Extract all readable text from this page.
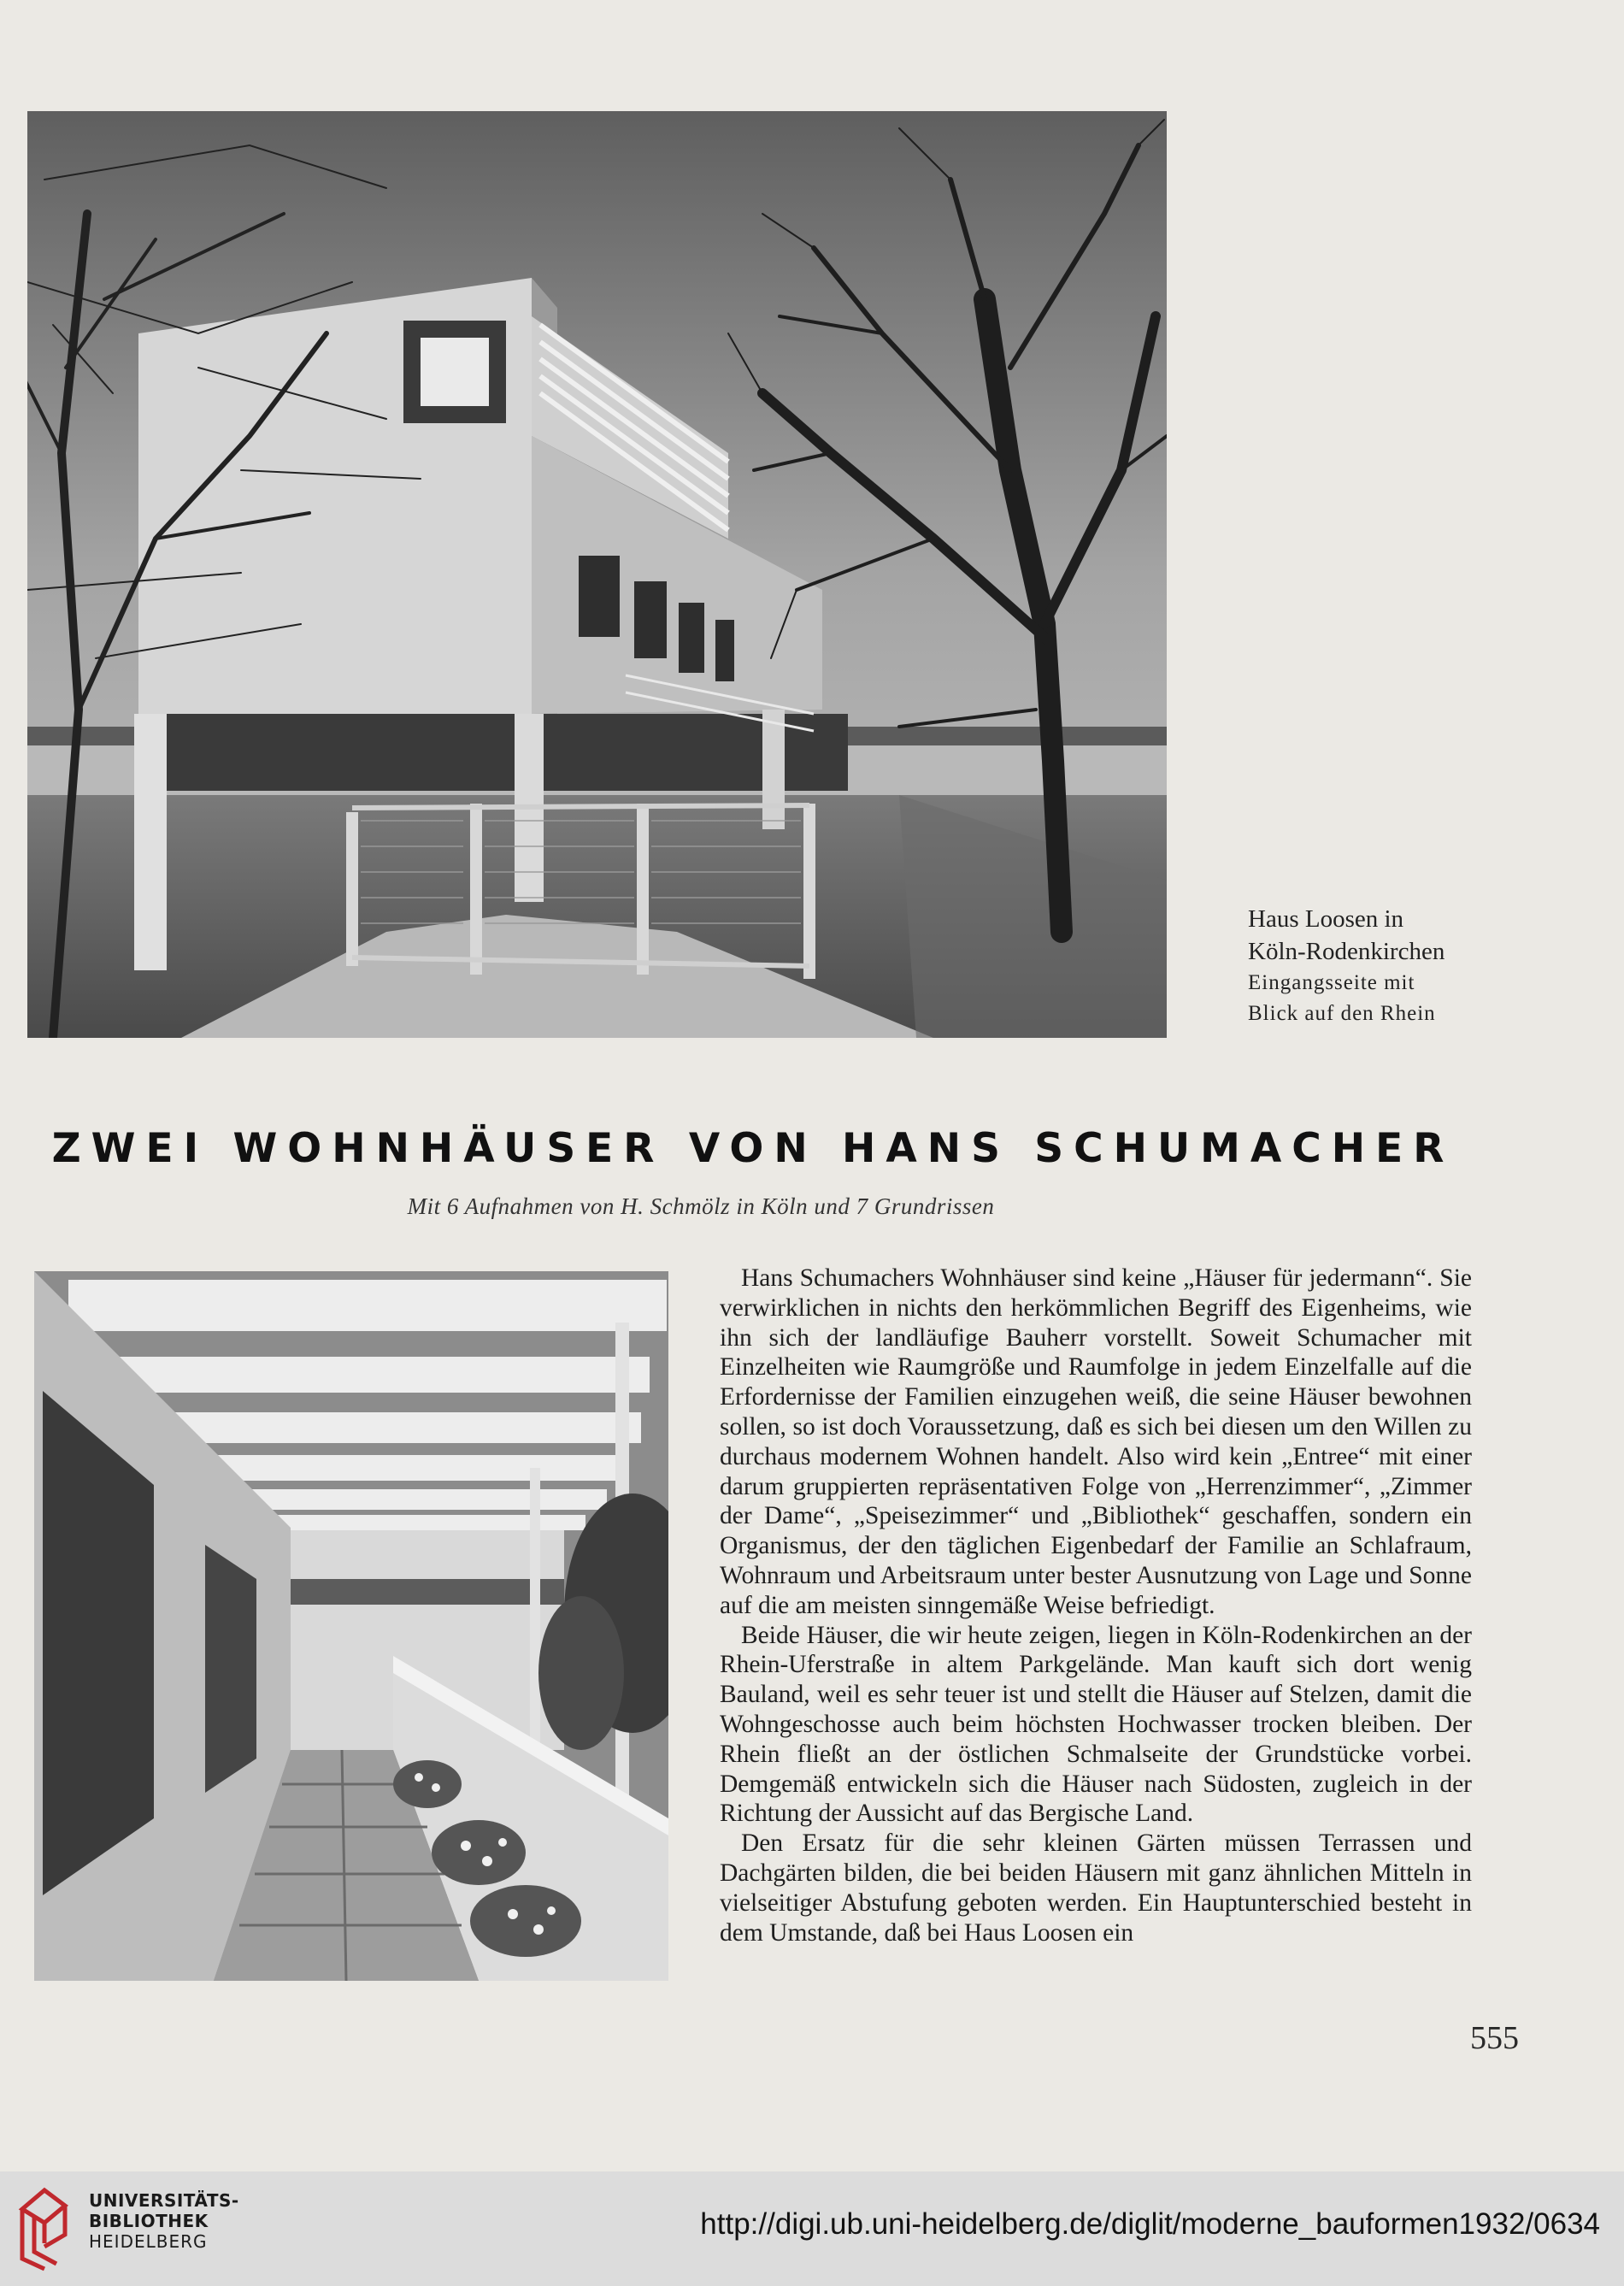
Haus Loosen in
Köln-Rodenkirchen
Eingangsseite mit
Blick auf den Rhein
ZWEI WOHNHÄUSER VON HANS SCHUMACHER
Mit 6 Aufnahmen von H. Schmölz in Köln und 7 Grundrissen

Hans Schumachers Wohnhäuser sind keine „Häuser für jedermann“. Sie verwirklichen in nichts den herkömmlichen Begriff des Eigenheims, wie ihn sich der landläufige Bauherr vorstellt. Soweit Schumacher mit Einzelheiten wie Raumgröße und Raumfolge in jedem Einzelfalle auf die Erfordernisse der Familien einzugehen weiß, die seine Häuser bewohnen sollen, so ist doch Voraussetzung, daß es sich bei diesen um den Willen zu durchaus modernem Wohnen handelt. Also wird kein „Entree“ mit einer darum gruppierten repräsentativen Folge von „Herrenzimmer“, „Zimmer der Dame“, „Speisezimmer“ und „Bibliothek“ geschaffen, sondern ein Organismus, der den täglichen Eigenbedarf der Familie an Schlafraum, Wohnraum und Arbeitsraum unter bester Ausnutzung von Lage und Sonne auf die am meisten sinngemäße Weise befriedigt.

Beide Häuser, die wir heute zeigen, liegen in Köln-Rodenkirchen an der Rhein-Uferstraße in altem Parkgelände. Man kauft sich dort wenig Bauland, weil es sehr teuer ist und stellt die Häuser auf Stelzen, damit die Wohngeschosse auch beim höchsten Hochwasser trocken bleiben. Der Rhein fließt an der östlichen Schmalseite der Grundstücke vorbei. Demgemäß entwickeln sich die Häuser nach Südosten, zugleich in der Richtung der Aussicht auf das Bergische Land.

Den Ersatz für die sehr kleinen Gärten müssen Terrassen und Dachgärten bilden, die bei beiden Häusern mit ganz ähnlichen Mitteln in vielseitiger Abstufung geboten werden. Ein Hauptunterschied besteht in dem Umstande, daß bei Haus Loosen ein

555
UNIVERSITÄTS-
BIBLIOTHEK
HEIDELBERG
http://digi.ub.uni-heidelberg.de/diglit/moderne_bauformen1932/0634
